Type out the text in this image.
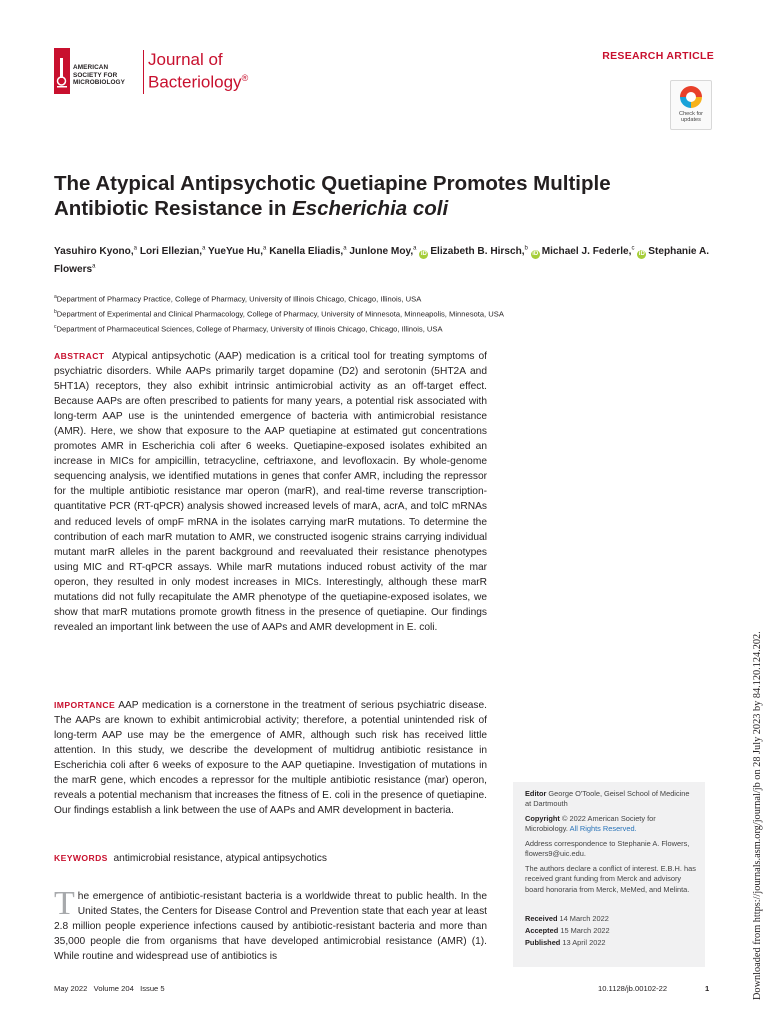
AMERICAN
SOCIETY FOR
MICROBIOLOGY
Journal of
Bacteriology®
RESEARCH ARTICLE
Check for
updates
The Atypical Antipsychotic Quetiapine Promotes Multiple Antibiotic Resistance in Escherichia coli
Yasuhiro Kyono,$^a$ Lori Ellezian,$^a$ YueYue Hu,$^a$ Kanella Eliadis,$^a$ Junlone Moy,$^a$ iD Elizabeth B. Hirsch,$^b$ iD Michael J. Federle,$^c$ iD Stephanie A. Flowers$^a$
$^a$Department of Pharmacy Practice, College of Pharmacy, University of Illinois Chicago, Chicago, Illinois, USA
$^b$Department of Experimental and Clinical Pharmacology, College of Pharmacy, University of Minnesota, Minneapolis, Minnesota, USA
$^c$Department of Pharmaceutical Sciences, College of Pharmacy, University of Illinois Chicago, Chicago, Illinois, USA
ABSTRACT Atypical antipsychotic (AAP) medication is a critical tool for treating symptoms of psychiatric disorders. While AAPs primarily target dopamine (D2) and serotonin (5HT2A and 5HT1A) receptors, they also exhibit intrinsic antimicrobial activity as an off-target effect. Because AAPs are often prescribed to patients for many years, a potential risk associated with long-term AAP use is the unintended emergence of bacteria with antimicrobial resistance (AMR). Here, we show that exposure to the AAP quetiapine at estimated gut concentrations promotes AMR in Escherichia coli after 6 weeks. Quetiapine-exposed isolates exhibited an increase in MICs for ampicillin, tetracycline, ceftriaxone, and levofloxacin. By whole-genome sequencing analysis, we identified mutations in genes that confer AMR, including the repressor for the multiple antibiotic resistance mar operon (marR), and real-time reverse transcription-quantitative PCR (RT-qPCR) analysis showed increased levels of marA, acrA, and tolC mRNAs and reduced levels of ompF mRNA in the isolates carrying marR mutations. To determine the contribution of each marR mutation to AMR, we constructed isogenic strains carrying individual mutant marR alleles in the parent background and reevaluated their resistance phenotypes using MIC and RT-qPCR assays. While marR mutations induced robust activity of the mar operon, they resulted in only modest increases in MICs. Interestingly, although these marR mutations did not fully recapitulate the AMR phenotype of the quetiapine-exposed isolates, we show that marR mutations promote growth fitness in the presence of quetiapine. Our findings revealed an important link between the use of AAPs and AMR development in E. coli.
IMPORTANCE AAP medication is a cornerstone in the treatment of serious psychiatric disease. The AAPs are known to exhibit antimicrobial activity; therefore, a potential unintended risk of long-term AAP use may be the emergence of AMR, although such risk has received little attention. In this study, we describe the development of multidrug antibiotic resistance in Escherichia coli after 6 weeks of exposure to the AAP quetiapine. Investigation of mutations in the marR gene, which encodes a repressor for the multiple antibiotic resistance (mar) operon, reveals a potential mechanism that increases the fitness of E. coli in the presence of quetiapine. Our findings establish a link between the use of AAPs and AMR development in bacteria.
KEYWORDS antimicrobial resistance, atypical antipsychotics
The emergence of antibiotic-resistant bacteria is a worldwide threat to public health. In the United States, the Centers for Disease Control and Prevention state that each year at least 2.8 million people experience infections caused by antibiotic-resistant bacteria and more than 35,000 people die from organisms that have developed antimicrobial resistance (AMR) (1). While routine and widespread use of antibiotics is
Editor George O'Toole, Geisel School of Medicine at Dartmouth
Copyright © 2022 American Society for Microbiology. All Rights Reserved.
Address correspondence to Stephanie A. Flowers, flowers9@uic.edu.
The authors declare a conflict of interest. E.B.H. has received grant funding from Merck and advisory board honoraria from Merck, MeMed, and Melinta.
Received 14 March 2022
Accepted 15 March 2022
Published 13 April 2022	Downloaded from https://journals.asm.org/journal/jb on 28 July 2023 by 84.120.124.202.
May 2022   Volume 204   Issue 5	10.1128/jb.00102-22	1
